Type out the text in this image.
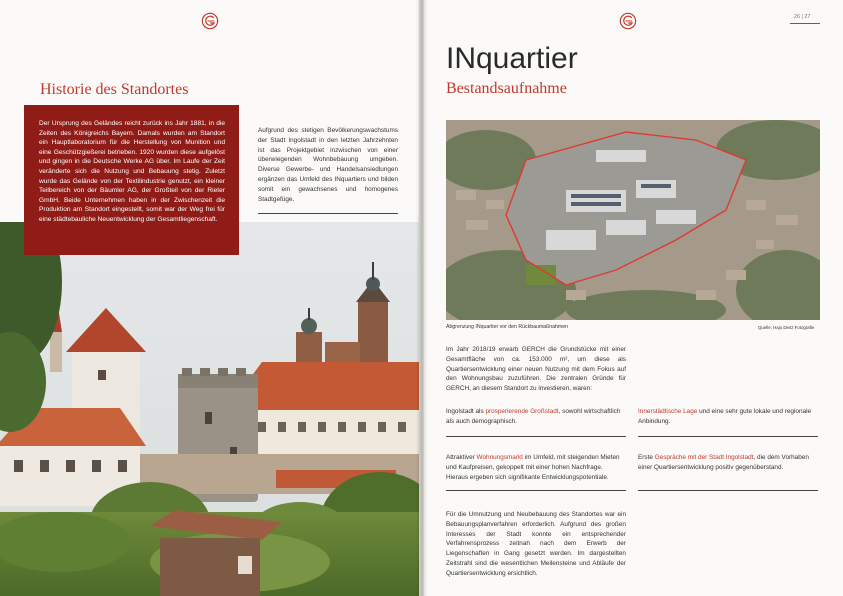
Historie des Standortes
Der Ursprung des Geländes reicht zurück ins Jahr 1881, in die Zeiten des Königreichs Bayern. Damals wurden am Standort ein Hauptlaboratorium für die Herstellung von Munition und eine Geschützgießerei betrieben. 1920 wurden diese aufgelöst und gingen in die Deutsche Werke AG über. Im Laufe der Zeit veränderte sich die Nutzung und Bebauung stetig. Zuletzt wurde das Gelände von der Textilindustrie genutzt, ein kleiner Teilbereich von der Bäumler AG, der Großteil von der Rieter GmbH. Beide Unternehmen haben in der Zwischenzeit die Produktion am Standort eingestellt, somit war der Weg frei für eine städtebauliche Neuentwicklung der Gesamtliegenschaft.
Aufgrund des stetigen Bevölkerungswachstums der Stadt Ingolstadt in den letzten Jahrzehnten ist das Projektgebiet inzwischen von einer überwiegenden Wohnbebauung umgeben. Diverse Gewerbe- und Handelsansiedlungen ergänzen das Umfeld des INquartiers und bilden somit ein gewachsenes und homogenes Stadtgefüge.
26 | 27
INquartier
Bestandsaufnahme
Abgrenzung INquartier vor den Rückbaumaßnahmen	Quelle: Hajo Dietz Fotografie
Im Jahr 2018/19 erwarb GERCH die Grundstücke mit einer Gesamtfläche von ca. 153.000 m², um diese als Quartiersentwicklung einer neuen Nutzung mit dem Fokus auf den Wohnungsbau zuzuführen. Die zentralen Gründe für GERCH, an diesem Standort zu investieren, waren:
Ingolstadt als prosperierende Großstadt, sowohl wirtschaftlich als auch demographisch.
Innerstädtische Lage und eine sehr gute lokale und regionale Anbindung.
Attraktiver Wohnungsmarkt im Umfeld, mit steigenden Mieten und Kaufpreisen, gekoppelt mit einer hohen Nachfrage. Hieraus ergeben sich signifikante Entwicklungspotentiale.
Erste Gespräche mit der Stadt Ingolstadt, die dem Vorhaben einer Quartiersentwicklung positiv gegenüberstand.
Für die Umnutzung und Neubebauung des Standortes war ein Bebauungsplanverfahren erforderlich. Aufgrund des großen Interesses der Stadt konnte ein entsprechender Verfahrensprozess zeitnah nach dem Erwerb der Liegenschaften in Gang gesetzt werden. Im dargestellten Zeitstrahl sind die wesentlichen Meilensteine und Abläufe der Quartiersentwicklung ersichtlich.
